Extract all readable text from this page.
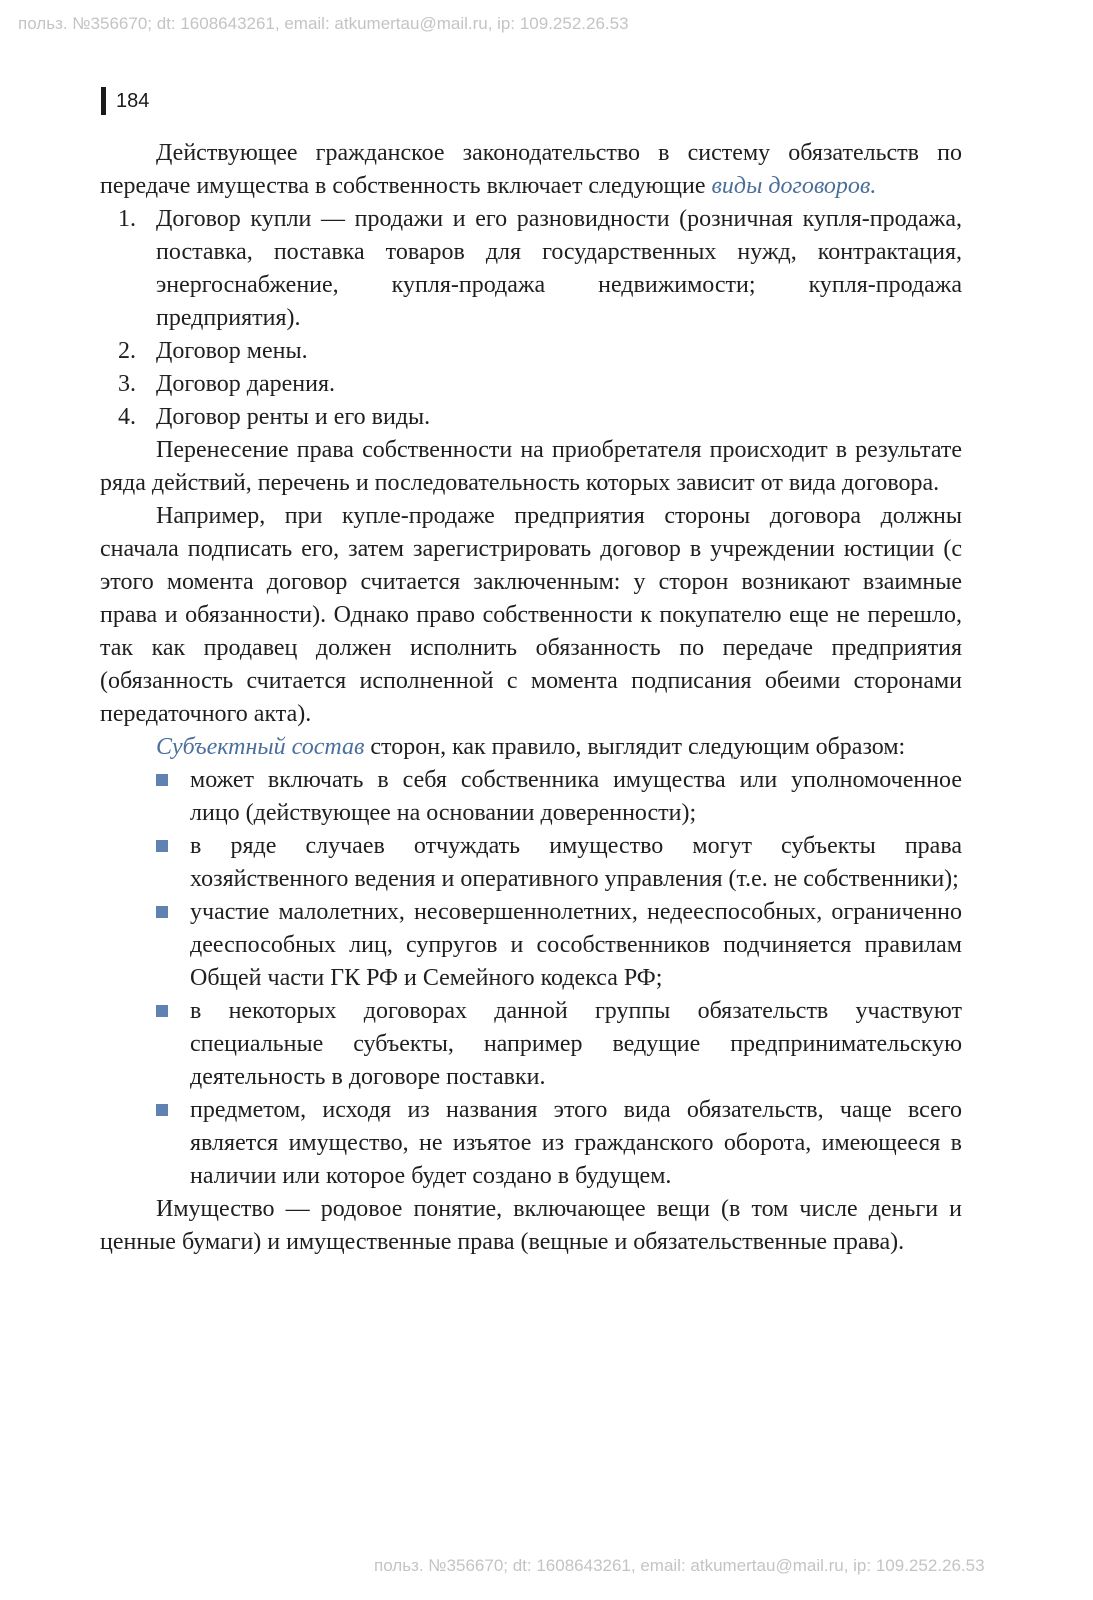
польз. №356670; dt: 1608643261, email: atkumertau@mail.ru, ip: 109.252.26.53
184

Действующее гражданское законодательство в систему обязательств по передаче имущества в собственность включает следующие виды договоров.

1. Договор купли — продажи и его разновидности (розничная купля-продажа, поставка, поставка товаров для государственных нужд, контрактация, энергоснабжение, купля-продажа недвижимости; купля-продажа предприятия).
2. Договор мены.
3. Договор дарения.
4. Договор ренты и его виды.

Перенесение права собственности на приобретателя происходит в результате ряда действий, перечень и последовательность которых зависит от вида договора.

Например, при купле-продаже предприятия стороны договора должны сначала подписать его, затем зарегистрировать договор в учреждении юстиции (с этого момента договор считается заключенным: у сторон возникают взаимные права и обязанности). Однако право собственности к покупателю еще не перешло, так как продавец должен исполнить обязанность по передаче предприятия (обязанность считается исполненной с момента подписания обеими сторонами передаточного акта).

Субъектный состав сторон, как правило, выглядит следующим образом:

может включать в себя собственника имущества или уполномоченное лицо (действующее на основании доверенности);
в ряде случаев отчуждать имущество могут субъекты права хозяйственного ведения и оперативного управления (т.е. не собственники);
участие малолетних, несовершеннолетних, недееспособных, ограниченно дееспособных лиц, супругов и сособственников подчиняется правилам Общей части ГК РФ и Семейного кодекса РФ;
в некоторых договорах данной группы обязательств участвуют специальные субъекты, например ведущие предпринимательскую деятельность в договоре поставки.
предметом, исходя из названия этого вида обязательств, чаще всего является имущество, не изъятое из гражданского оборота, имеющееся в наличии или которое будет создано в будущем.

Имущество — родовое понятие, включающее вещи (в том числе деньги и ценные бумаги) и имущественные права (вещные и обязательственные права).

польз. №356670; dt: 1608643261, email: atkumertau@mail.ru, ip: 109.252.26.53
